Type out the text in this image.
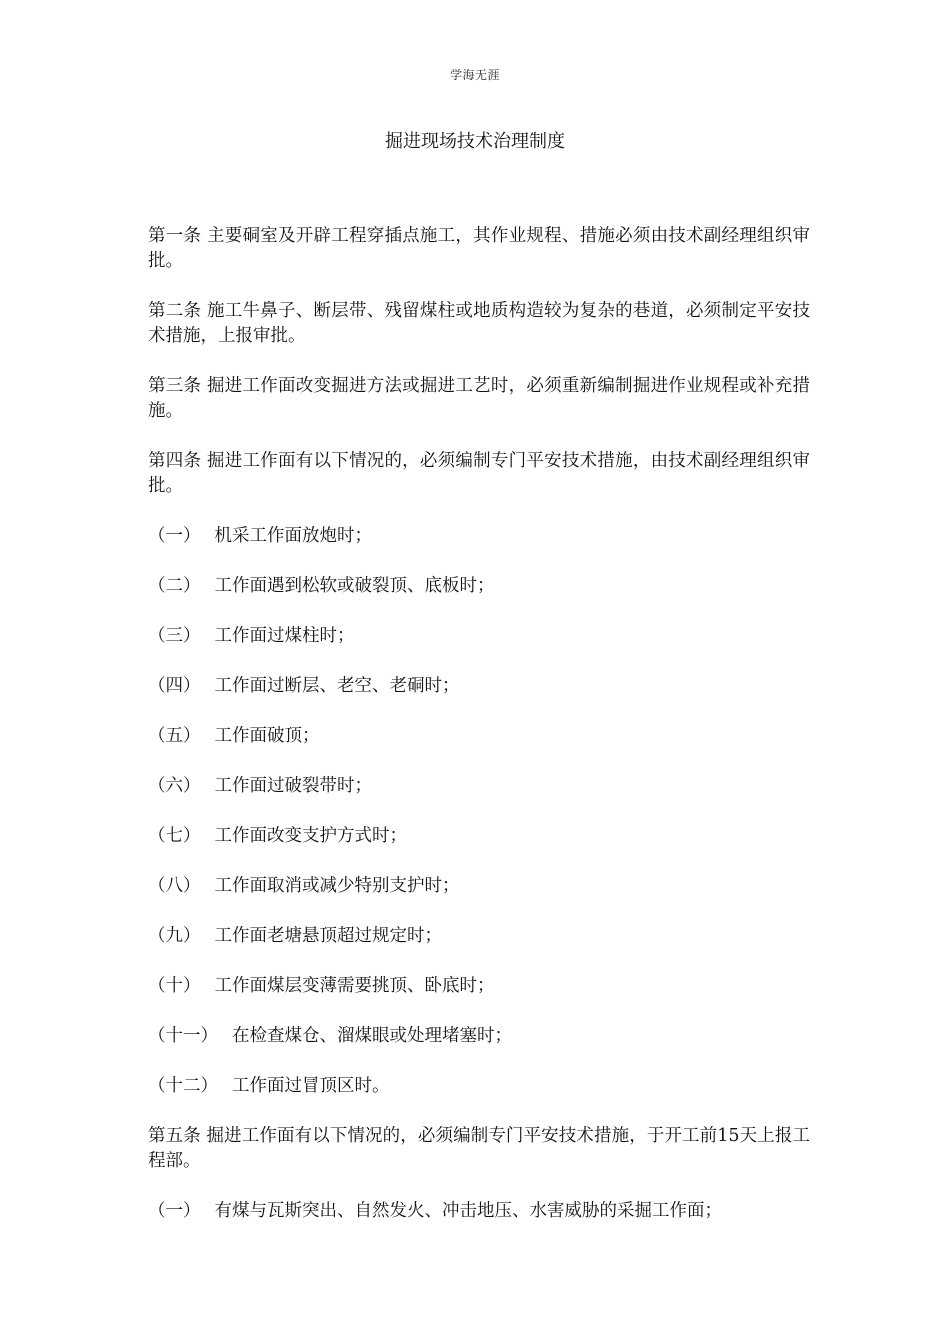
学海无涯
掘进现场技术治理制度

第一条 主要硐室及开辟工程穿插点施工，其作业规程、措施必须由技术副经理组织审批。

第二条 施工牛鼻子、断层带、残留煤柱或地质构造较为复杂的巷道，必须制定平安技术措施，上报审批。

第三条 掘进工作面改变掘进方法或掘进工艺时，必须重新编制掘进作业规程或补充措施。

第四条 掘进工作面有以下情况的，必须编制专门平安技术措施，由技术副经理组织审批。

（一） 机采工作面放炮时；
（二） 工作面遇到松软或破裂顶、底板时；
（三） 工作面过煤柱时；
（四） 工作面过断层、老空、老硐时；
（五） 工作面破顶；
（六） 工作面过破裂带时；
（七） 工作面改变支护方式时；
（八） 工作面取消或减少特别支护时；
（九） 工作面老塘悬顶超过规定时；
（十） 工作面煤层变薄需要挑顶、卧底时；
（十一） 在检查煤仓、溜煤眼或处理堵塞时；
（十二） 工作面过冒顶区时。

第五条 掘进工作面有以下情况的，必须编制专门平安技术措施，于开工前15天上报工程部。

（一） 有煤与瓦斯突出、自然发火、冲击地压、水害威胁的采掘工作面；
